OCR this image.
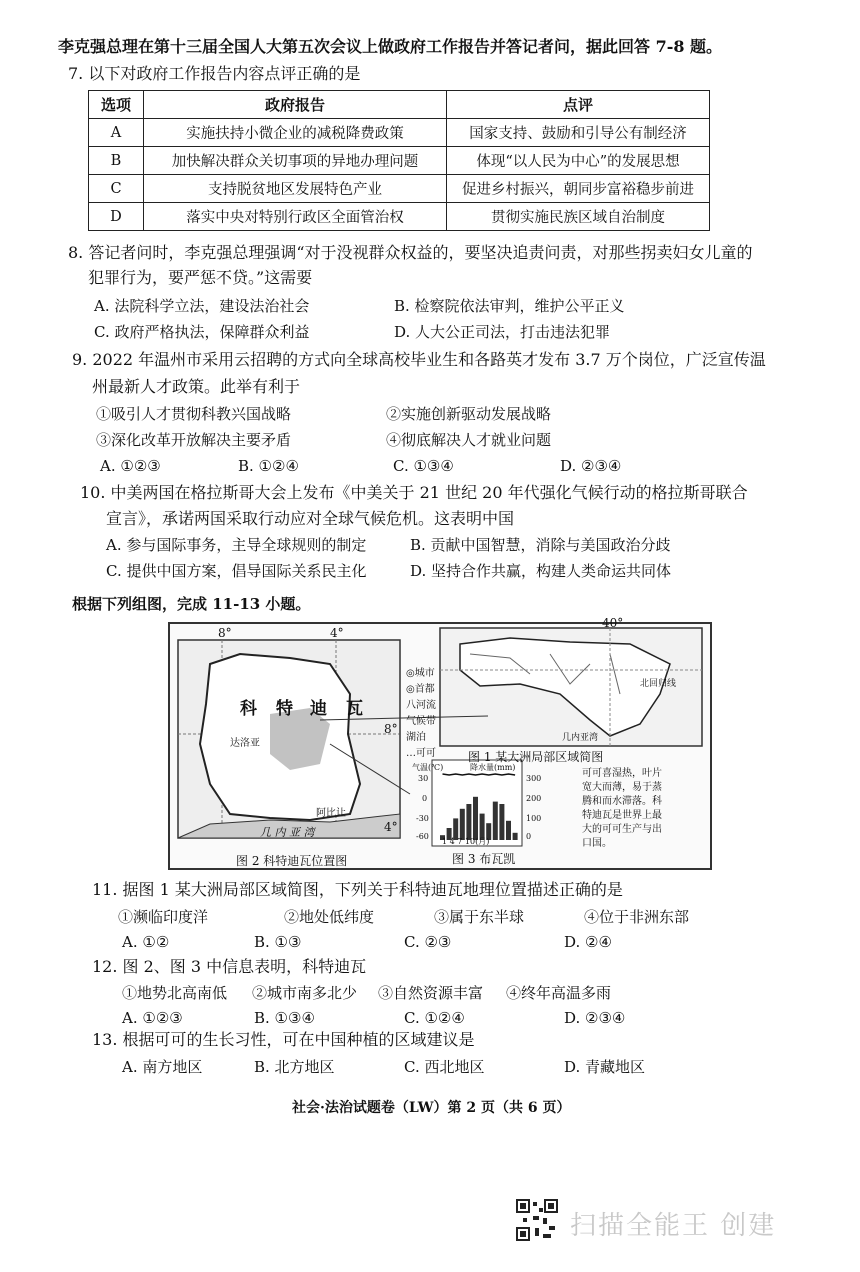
李克强总理在第十三届全国人大第五次会议上做政府工作报告并答记者问，据此回答 7-8 题。
7. 以下对政府工作报告内容点评正确的是
选项	政府报告	点评
A	实施扶持小微企业的减税降费政策	国家支持、鼓励和引导公有制经济
B	加快解决群众关切事项的异地办理问题	体现“以人民为中心”的发展思想
C	支持脱贫地区发展特色产业	促进乡村振兴，朝同步富裕稳步前进
D	落实中央对特别行政区全面管治权	贯彻实施民族区域自治制度
8. 答记者问时，李克强总理强调“对于没视群众权益的，要坚决追责问责，对那些拐卖妇女儿童的
犯罪行为，要严惩不贷。”这需要
A. 法院科学立法，建设法治社会	B. 检察院依法审判，维护公平正义
C. 政府严格执法，保障群众利益	D. 人大公正司法，打击违法犯罪
9. 2022 年温州市采用云招聘的方式向全球高校毕业生和各路英才发布 3.7 万个岗位，广泛宣传温
州最新人才政策。此举有利于
①吸引人才贯彻科教兴国战略	②实施创新驱动发展战略
③深化改革开放解决主要矛盾	④彻底解决人才就业问题
A. ①②③	B. ①②④	C. ①③④	D. ②③④
10. 中美两国在格拉斯哥大会上发布《中美关于 21 世纪 20 年代强化气候行动的格拉斯哥联合
宣言》，承诺两国采取行动应对全球气候危机。这表明中国
A. 参与国际事务，主导全球规则的制定	B. 贡献中国智慧，消除与美国政治分歧
C. 提供中国方案，倡导国际关系民主化	D. 坚持合作共赢，构建人类命运共同体
根据下列组图，完成 11-13 小题。
8°	4°
8°
4°
40°
科 特 迪 瓦
达洛亚
阿比让
几 内 亚 湾
◎城市
◎首都
八河流
气候带
湖泊
…可可
北回归线
几内亚湾
图 1 某大洲局部区域简图
图 2 科特迪瓦位置图	图 3 布瓦凯
气温(℃)	降水量(mm)
1 4 7 10(月)
30
0
-30
-60
300
200
100
0
可可喜湿热，叶片
宽大而薄，易于蒸
腾和而水滞落。科
特迪瓦是世界上最
大的可可生产与出
口国。
11. 据图 1 某大洲局部区域简图，下列关于科特迪瓦地理位置描述正确的是
①濒临印度洋	②地处低纬度	③属于东半球	④位于非洲东部
A. ①②	B. ①③	C. ②③	D. ②④
12. 图 2、图 3 中信息表明，科特迪瓦
①地势北高南低 ②城市南多北少 ③自然资源丰富 ④终年高温多雨
A. ①②③	B. ①③④	C. ①②④	D. ②③④
13. 根据可可的生长习性，可在中国种植的区域建议是
A. 南方地区	B. 北方地区	C. 西北地区	D. 青藏地区
社会·法治试题卷（LW）第 2 页（共 6 页）
扫描全能王 创建
